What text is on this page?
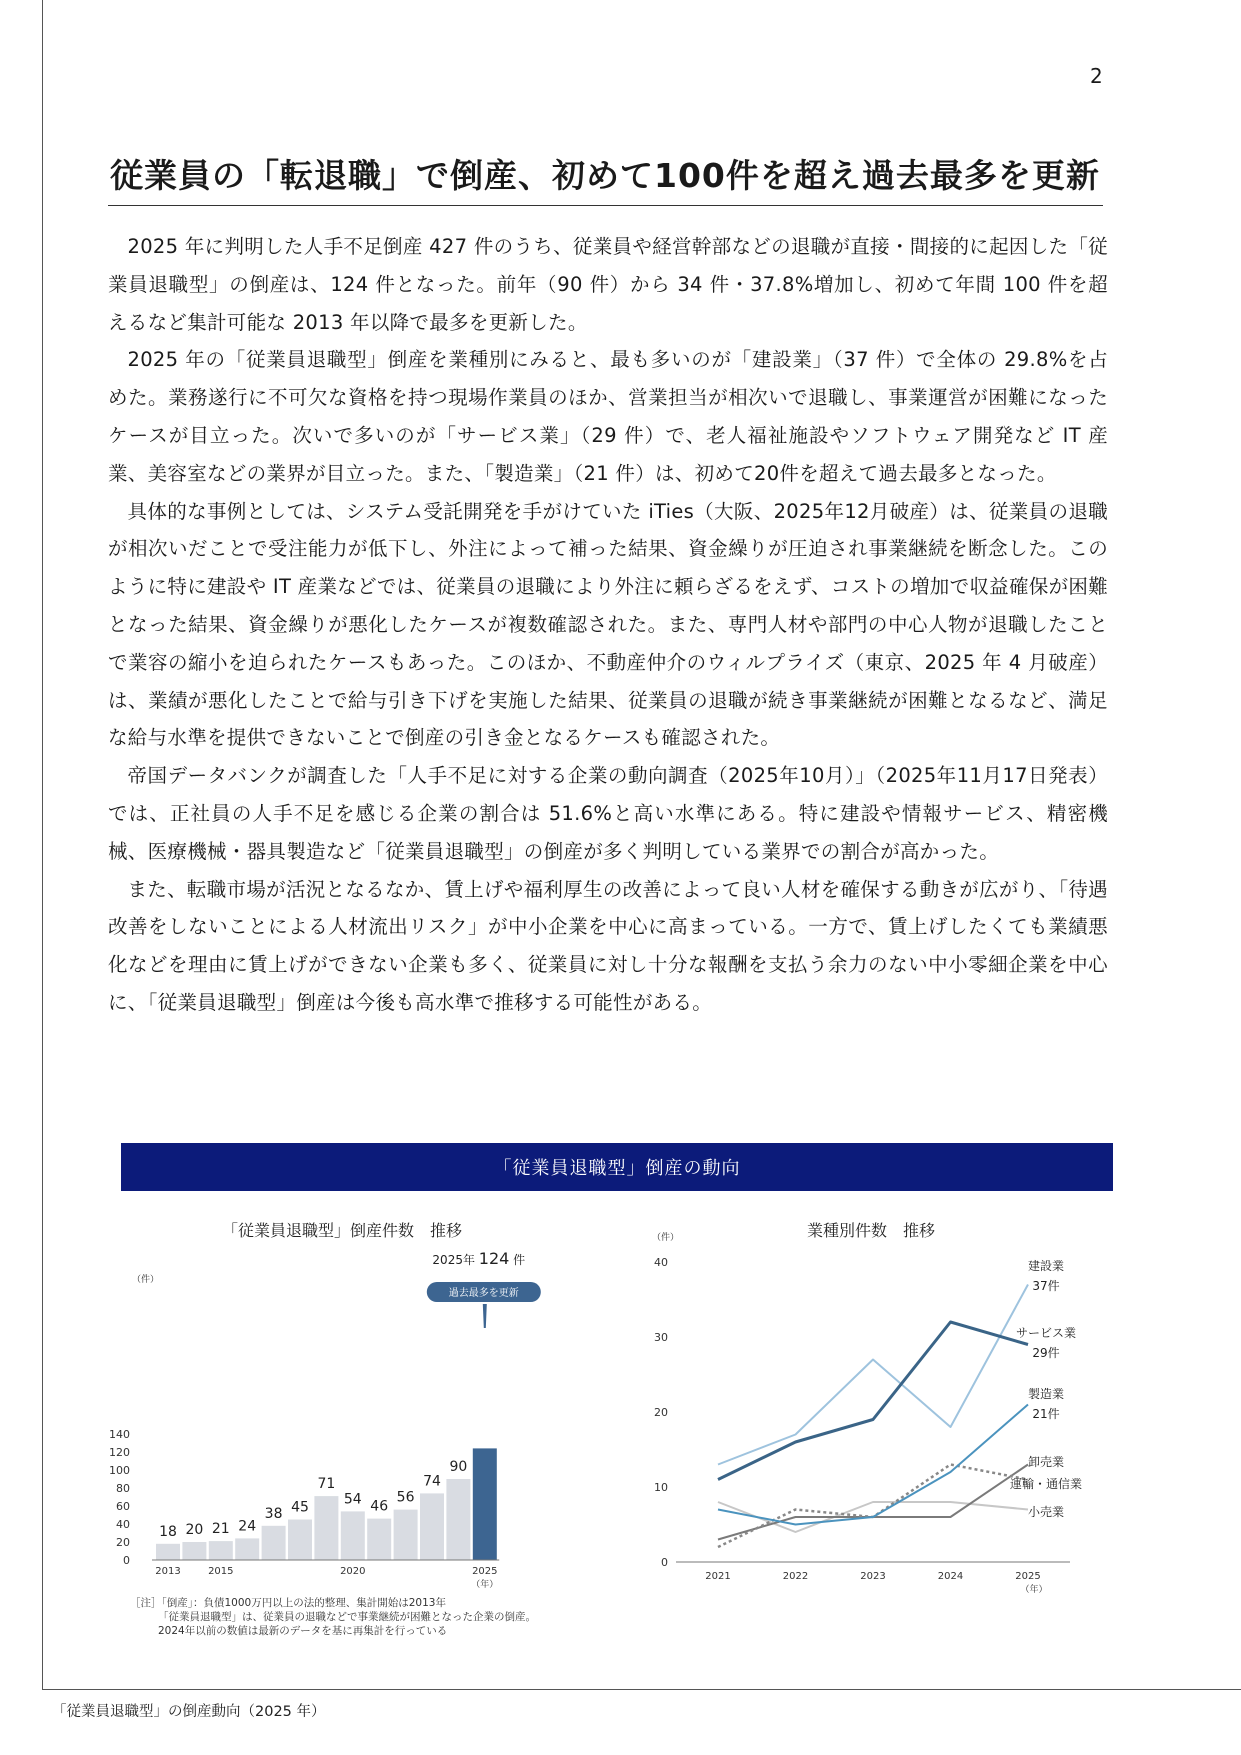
2
従業員の「転退職」で倒産、初めて100件を超え過去最多を更新

2025 年に判明した人手不足倒産 427 件のうち、従業員や経営幹部などの退職が直接・間接的に起因した「従業員退職型」の倒産は、124 件となった。前年（90 件）から 34 件・37.8%増加し、初めて年間 100 件を超えるなど集計可能な 2013 年以降で最多を更新した。

2025 年の「従業員退職型」倒産を業種別にみると、最も多いのが「建設業」（37 件）で全体の 29.8%を占めた。業務遂行に不可欠な資格を持つ現場作業員のほか、営業担当が相次いで退職し、事業運営が困難になったケースが目立った。次いで多いのが「サービス業」（29 件）で、老人福祉施設やソフトウェア開発など IT 産業、美容室などの業界が目立った。また、「製造業」（21 件）は、初めて20件を超えて過去最多となった。

具体的な事例としては、システム受託開発を手がけていた iTies（大阪、2025年12月破産）は、従業員の退職が相次いだことで受注能力が低下し、外注によって補った結果、資金繰りが圧迫され事業継続を断念した。このように特に建設や IT 産業などでは、従業員の退職により外注に頼らざるをえず、コストの増加で収益確保が困難となった結果、資金繰りが悪化したケースが複数確認された。また、専門人材や部門の中心人物が退職したことで業容の縮小を迫られたケースもあった。このほか、不動産仲介のウィルプライズ（東京、2025 年 4 月破産）は、業績が悪化したことで給与引き下げを実施した結果、従業員の退職が続き事業継続が困難となるなど、満足な給与水準を提供できないことで倒産の引き金となるケースも確認された。

帝国データバンクが調査した「人手不足に対する企業の動向調査（2025年10月）」（2025年11月17日発表）では、正社員の人手不足を感じる企業の割合は 51.6%と高い水準にある。特に建設や情報サービス、精密機械、医療機械・器具製造など「従業員退職型」の倒産が多く判明している業界での割合が高かった。

また、転職市場が活況となるなか、賃上げや福利厚生の改善によって良い人材を確保する動きが広がり、「待遇改善をしないことによる人材流出リスク」が中小企業を中心に高まっている。一方で、賃上げしたくても業績悪化などを理由に賃上げができない企業も多く、従業員に対し十分な報酬を支払う余力のない中小零細企業を中心に、「従業員退職型」倒産は今後も高水準で推移する可能性がある。

「従業員退職型」倒産の動向
「従業員退職型」倒産件数　推移	業種別件数　推移
（件）
0
20
40
60
80
100
120
140
18 20 21 24
38 45
71
54 46
56
74
90
2013	2015	2020	2025
（年）
2025年 124 件
過去最多を更新
（件）
0
10
20
30
40
2021	2022	2023	2024	2025
（年）
建設業
37件
サービス業
29件
製造業
21件
卸売業
運輸・通信業
小売業
［注］「倒産」：負債1000万円以上の法的整理、集計開始は2013年
「従業員退職型」は、従業員の退職などで事業継続が困難となった企業の倒産。
2024年以前の数値は最新のデータを基に再集計を行っている
「従業員退職型」の倒産動向（2025 年）
